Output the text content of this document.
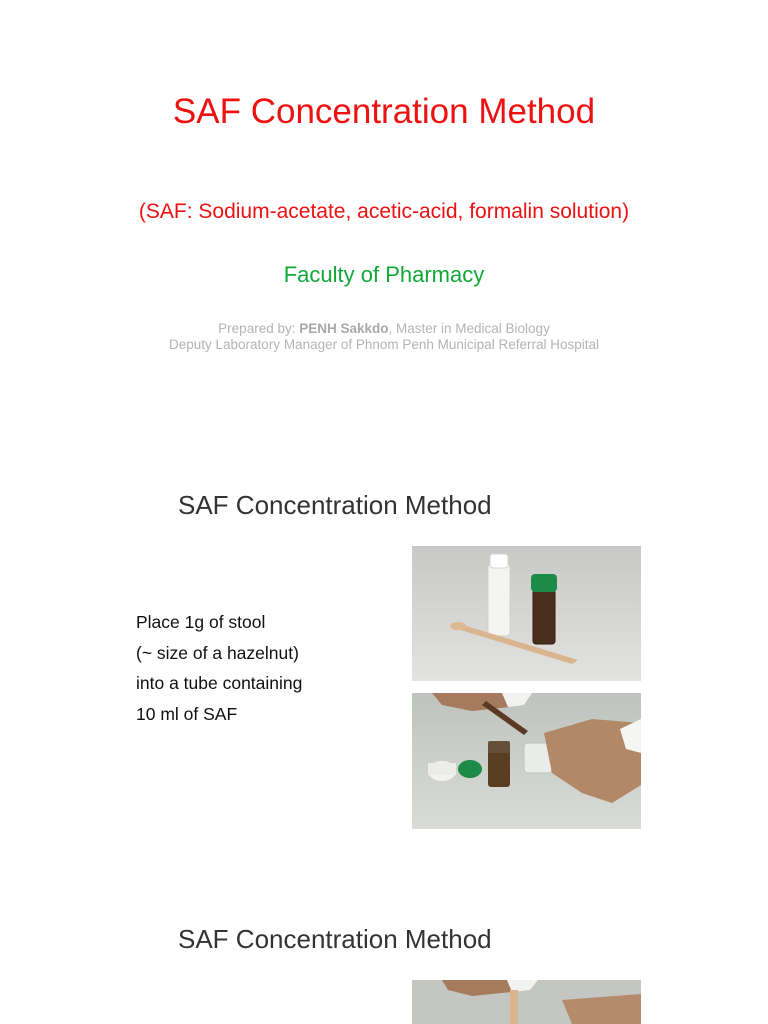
SAF Concentration Method
(SAF: Sodium-acetate, acetic-acid, formalin solution)
Faculty of Pharmacy
Prepared by: PENH Sakkdo, Master in Medical Biology
Deputy Laboratory Manager of Phnom Penh Municipal Referral Hospital
SAF Concentration Method
Place 1g of stool
(~ size of a hazelnut)
into a tube containing
10 ml of SAF
SAF Concentration Method
